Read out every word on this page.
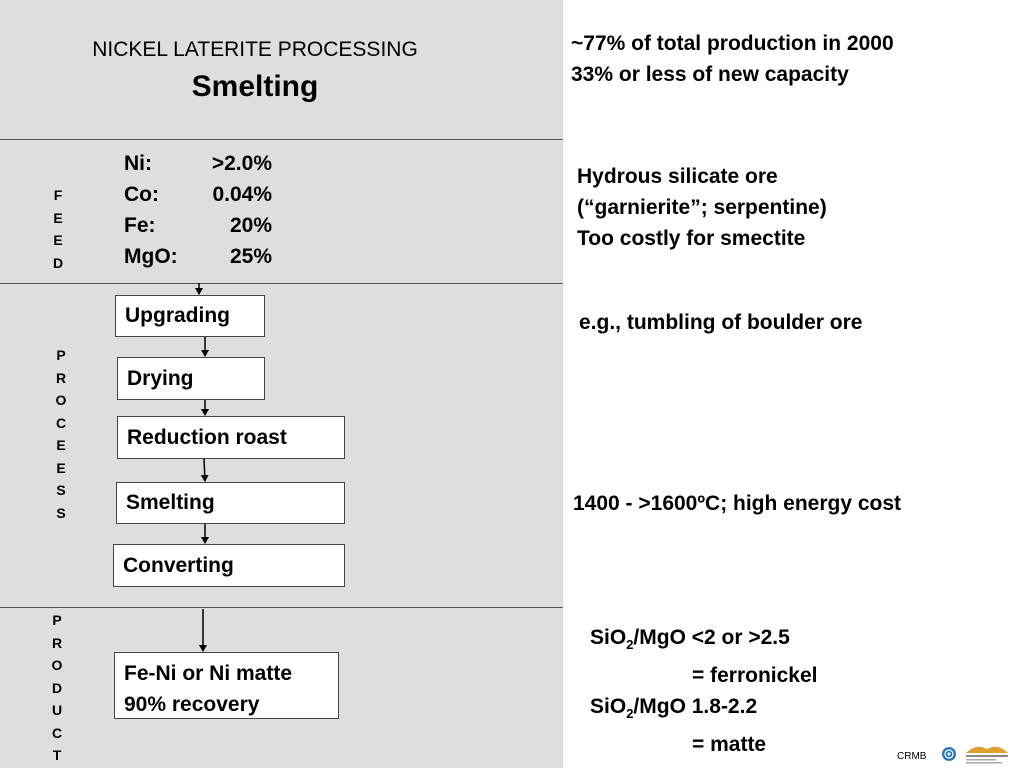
NICKEL LATERITE PROCESSING
Smelting
F
E
E
D
P
R
O
C
E
E
S
S
P
R
O
D
U
C
T
Ni:	>2.0%
Co:	0.04%
Fe:	20%
MgO: 25%
Upgrading
Drying
Reduction roast
Smelting
Converting
Fe-Ni or Ni matte
90% recovery
~77% of total production in 2000
33% or less of new capacity
Hydrous silicate ore
(“garnierite”; serpentine)
Too costly for smectite
e.g., tumbling of boulder ore
1400 - >1600ºC; high energy cost
SiO$_2$/MgO <2 or >2.5
= ferronickel
SiO$_2$/MgO 1.8-2.2
= matte
CRMB
